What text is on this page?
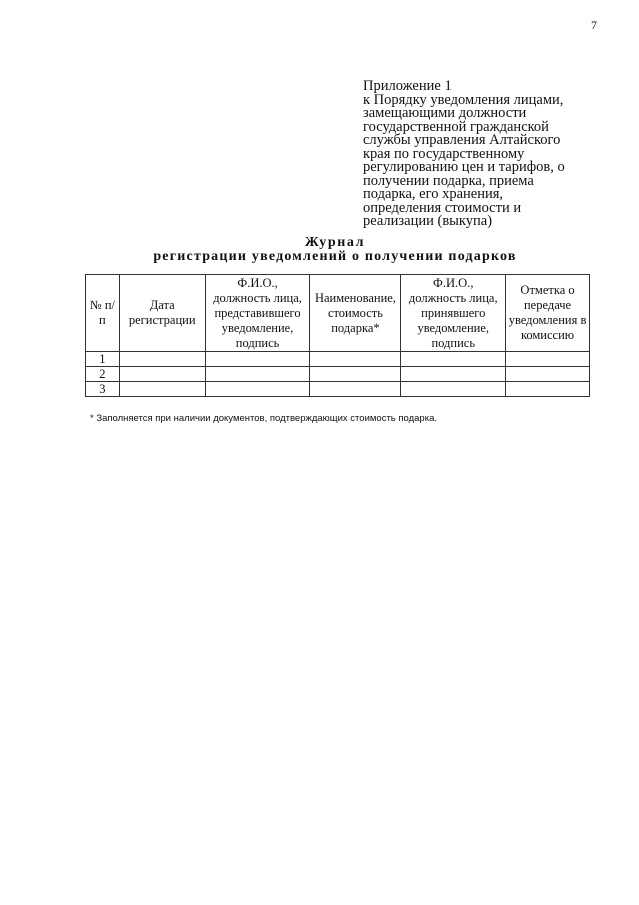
7
Приложение 1
к Порядку уведомления лицами,
замещающими должности
государственной гражданской
службы управления Алтайского
края по государственному
регулированию цен и тарифов, о
получении подарка, приема
подарка, его хранения,
определения стоимости и
реализации (выкупа)
Журнал
регистрации уведомлений о получении подарков
№ п/п	Дата регистрации	Ф.И.О., должность лица, представившего уведомление, подпись	Наименование, стоимость подарка*	Ф.И.О., должность лица, принявшего уведомление, подпись	Отметка о передаче уведомления в комиссию
1					
2					
3					
* Заполняется при наличии документов, подтверждающих стоимость подарка.
